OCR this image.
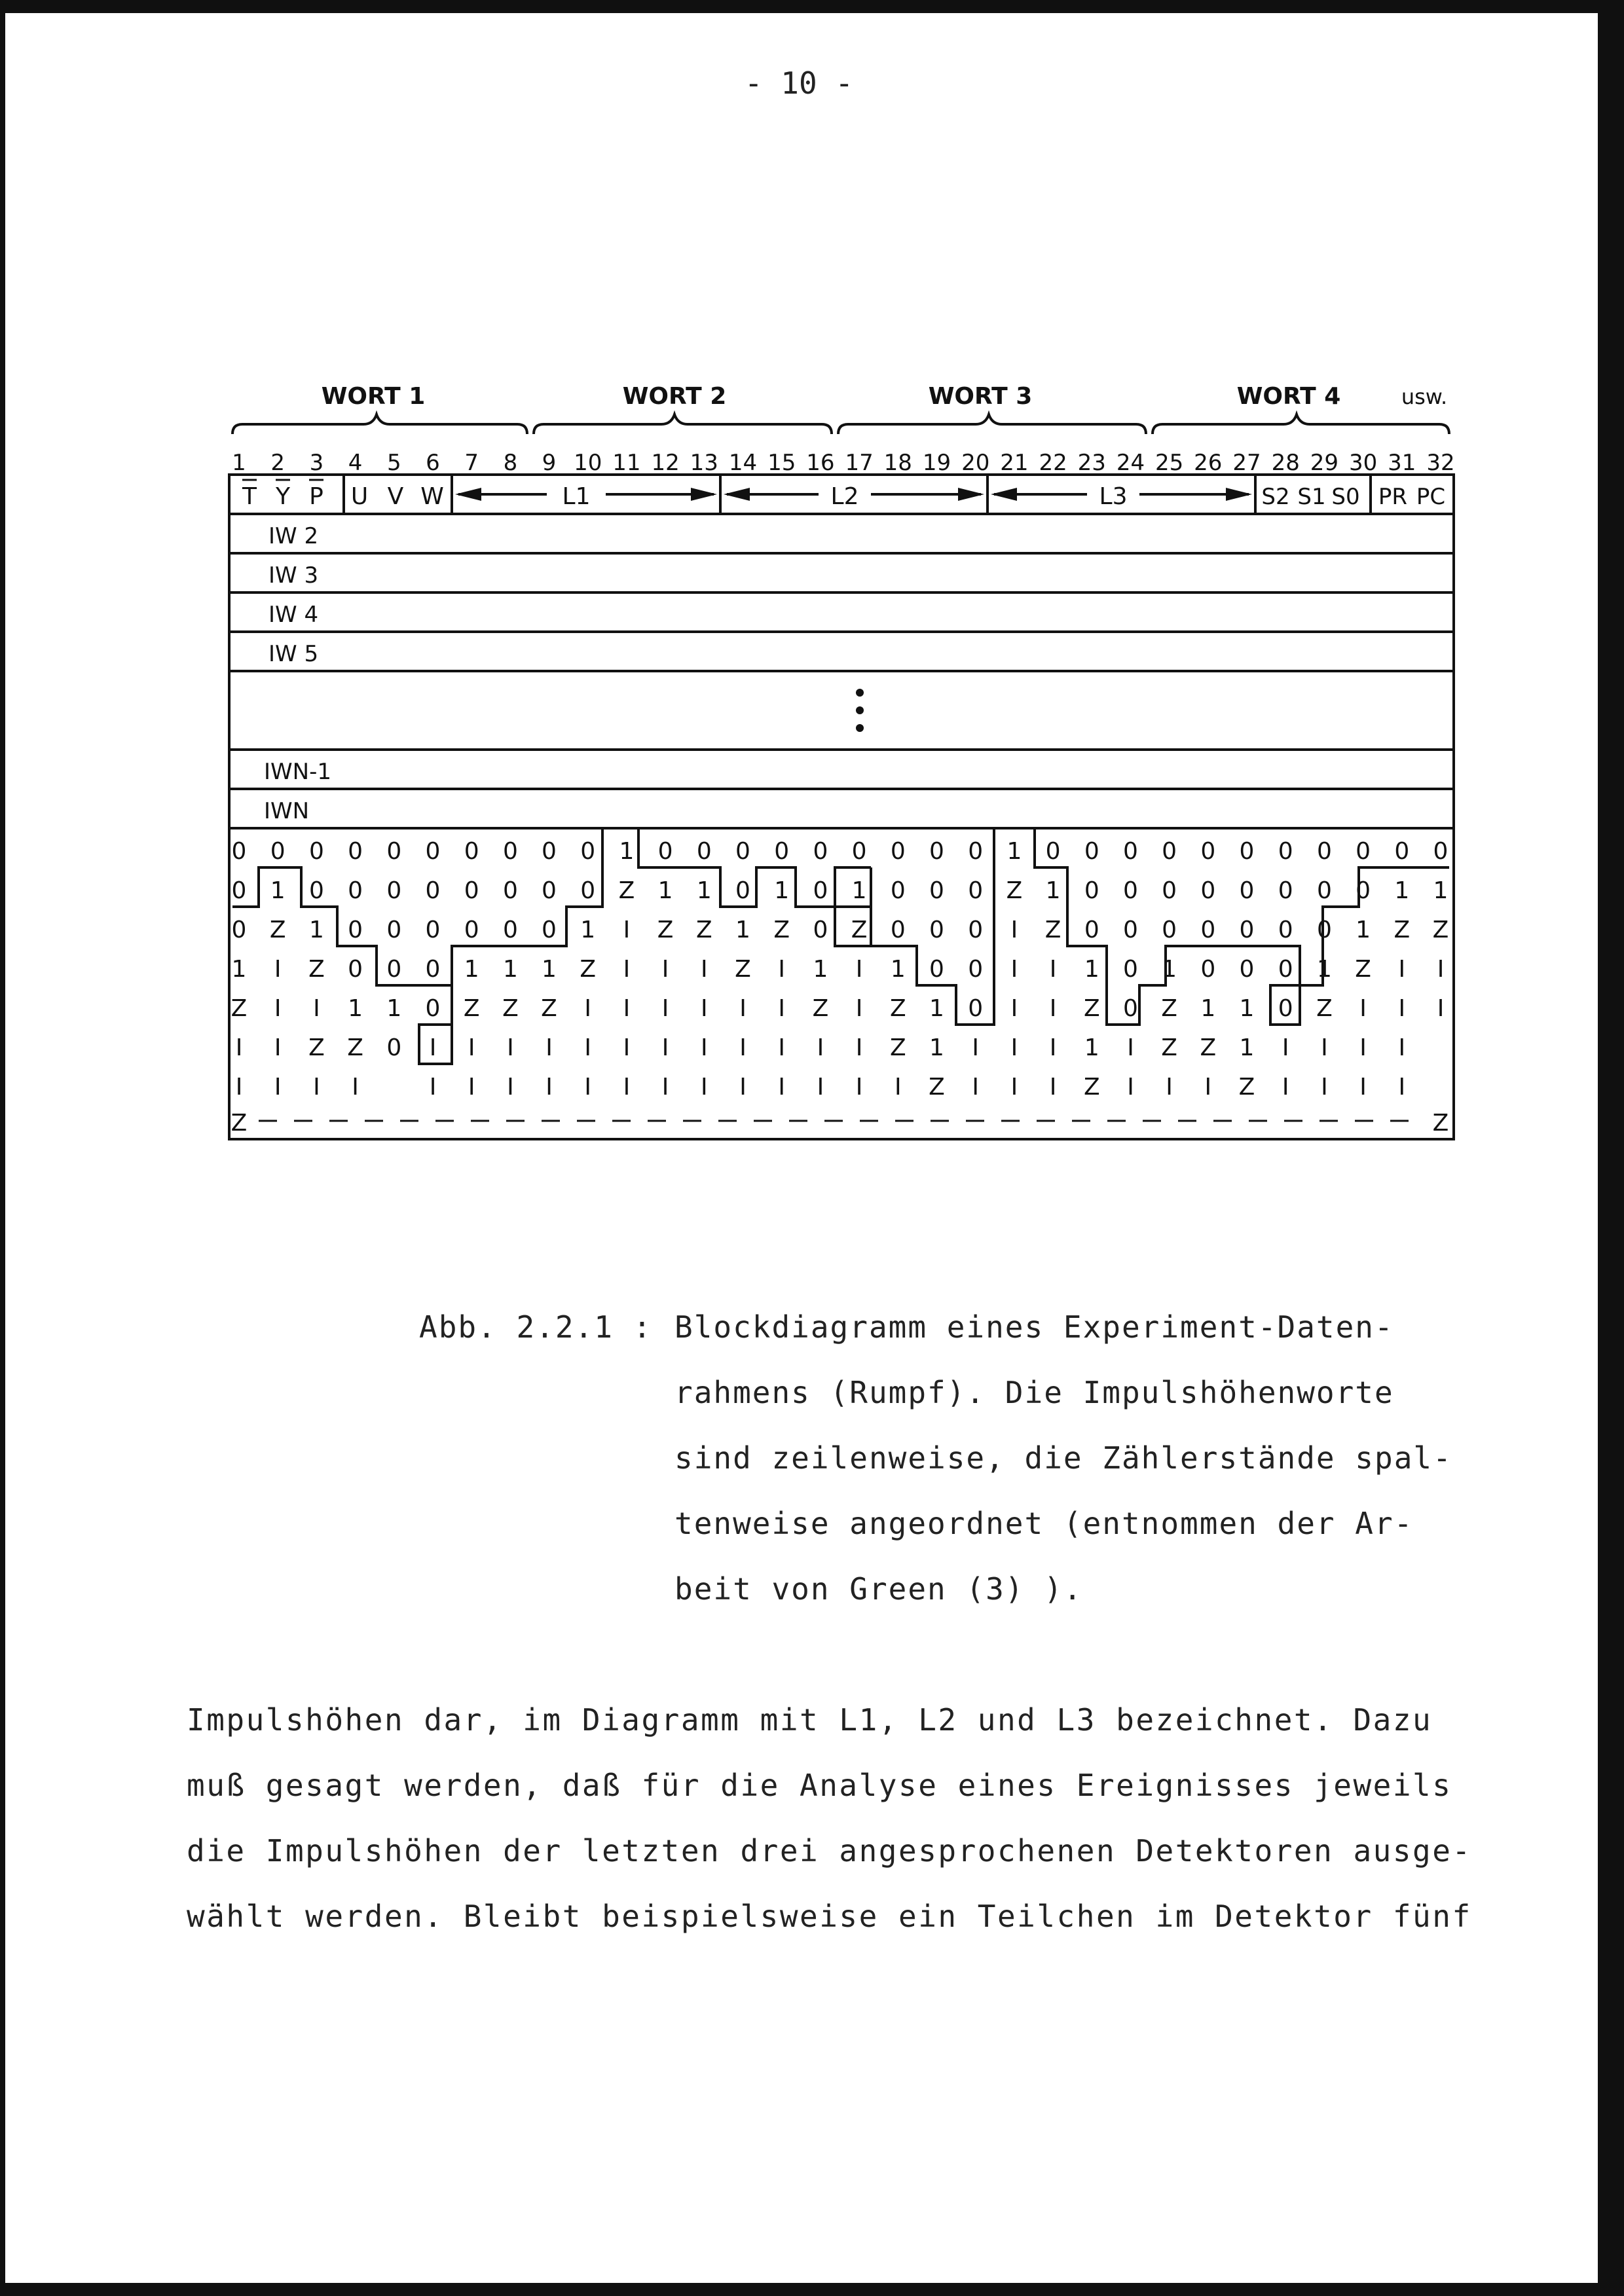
- 10 -
WORT 1	WORT 2	WORT 3	WORT 4	usw.
1 2 3 4 5 6 7 8 9 10 11 12 13 14 15 16 17 18 19 20 21 22 23 24 25 26 27 28 29 30 31 32
T Y P U V W	L1	L2	L3	S2 S1 S0 PR PC
IW 2
IW 3
IW 4
IW 5
IWN-1
IWN
0 0 0 0 0 0 0 0 0 0 1 0 0 0 0 0 0 0 0 0 1 0 0 0 0 0 0 0 0 0 0 0
0 1 0 0 0 0 0 0 0 0 Z 1 1 0 1 0 1 0 0 0 Z 1 0 0 0 0 0 0 0 0 1 1
0 Z 1 0 0 0 0 0 0 1 I Z Z 1 Z 0 Z 0 0 0 I Z 0 0 0 0 0 0 0 1 Z Z
1 I Z 0 0 0 1 1 1 Z I I I Z I 1 I 1 0 0 I I 1 0 1 0 0 0 1 Z I I
Z I I 1 1 0 Z Z Z I I I I I I Z I Z 1 0 I I Z 0 Z 1 1 0 Z I I I
I I Z Z 0 I I I I I I I I I I I I Z 1 I I I 1 I Z Z 1 I I I I
I I I I	I I I I I I I I I I I I I Z I I I Z I I I Z I I I I
Z	Z
Abb. 2.2.1 : Blockdiagramm eines Experiment-Daten-
rahmens (Rumpf). Die Impulshöhenworte
sind zeilenweise, die Zählerstände spal-
tenweise angeordnet (entnommen der Ar-
beit von Green (3) ).
Impulshöhen dar, im Diagramm mit L1, L2 und L3 bezeichnet. Dazu
muß gesagt werden, daß für die Analyse eines Ereignisses jeweils
die Impulshöhen der letzten drei angesprochenen Detektoren ausge-
wählt werden. Bleibt beispielsweise ein Teilchen im Detektor fünf
